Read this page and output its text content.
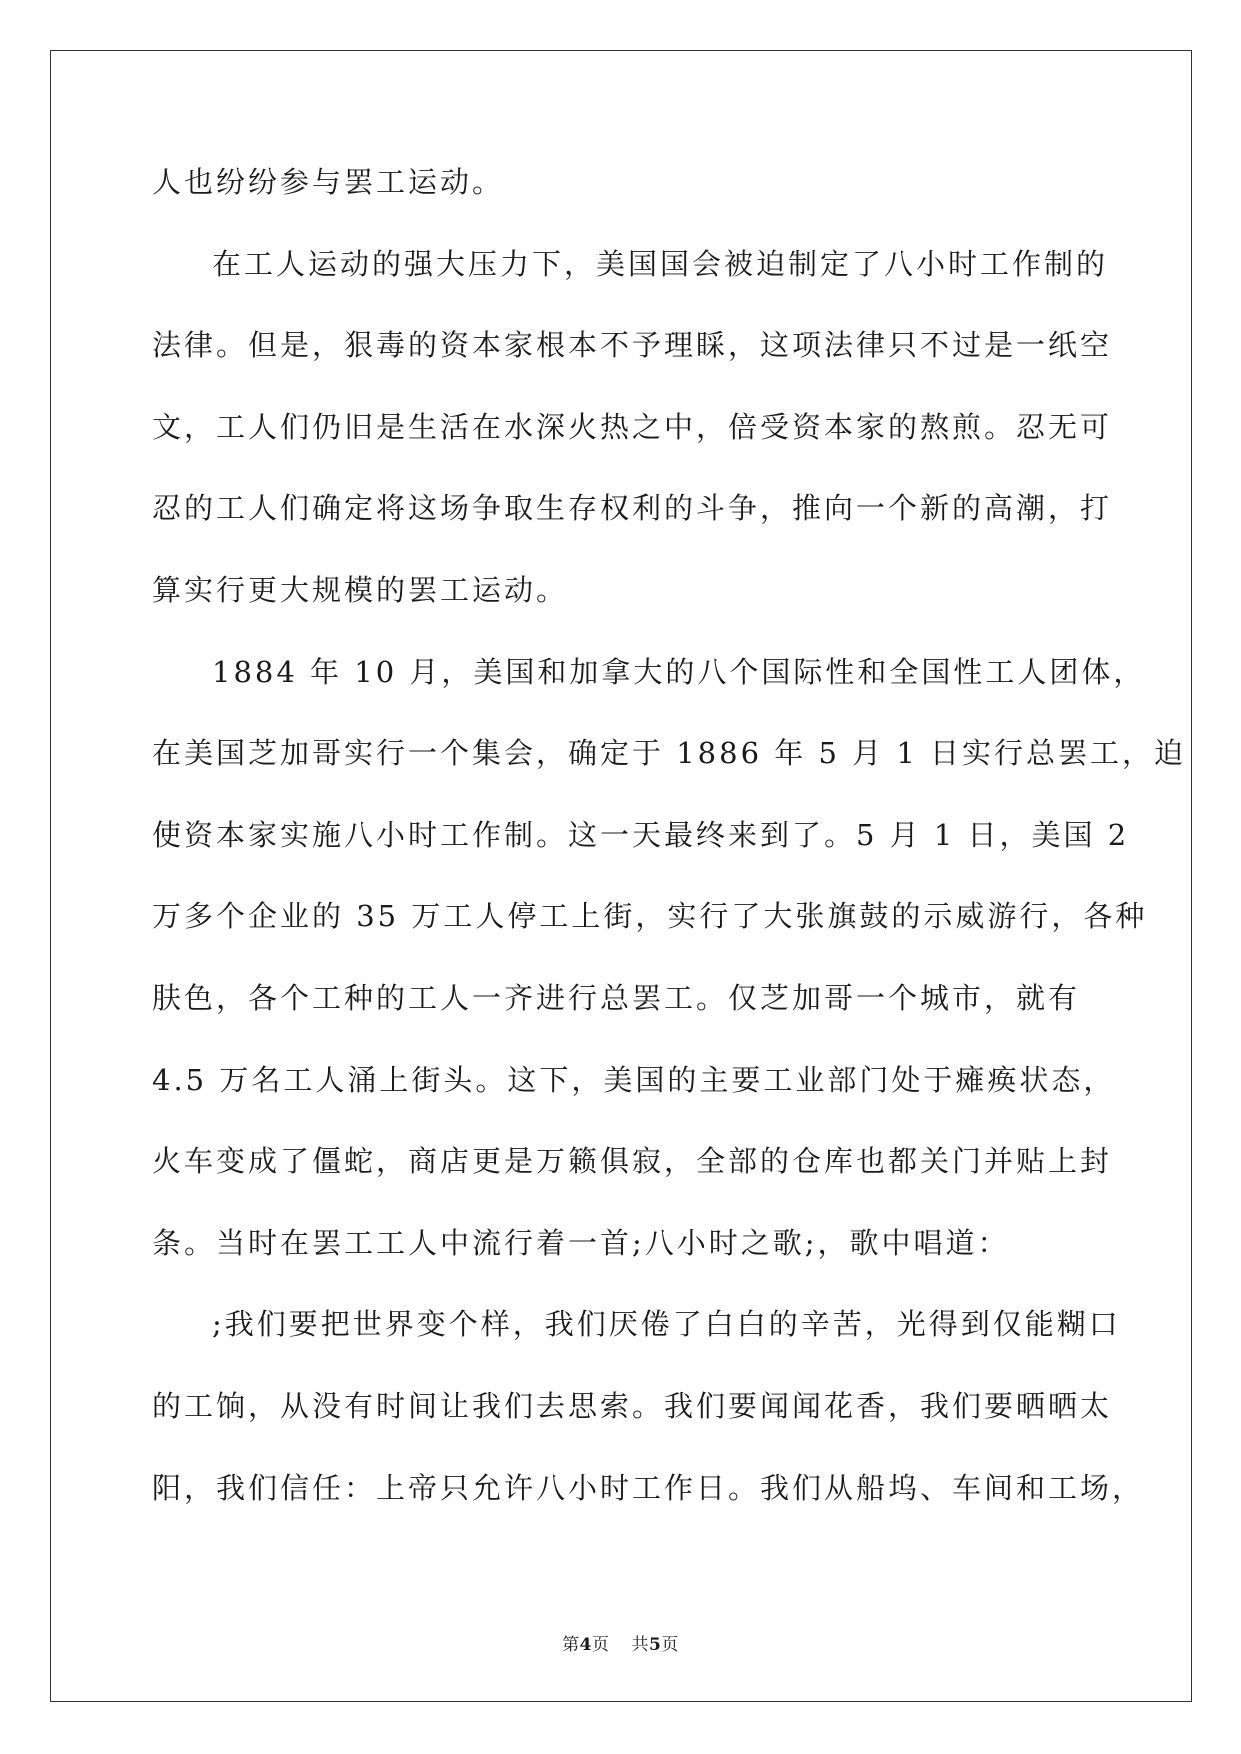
人也纷纷参与罢工运动。
在工人运动的强大压力下，美国国会被迫制定了八小时工作制的
法律。但是，狠毒的资本家根本不予理睬，这项法律只不过是一纸空
文，工人们仍旧是生活在水深火热之中，倍受资本家的熬煎。忍无可
忍的工人们确定将这场争取生存权利的斗争，推向一个新的高潮，打
算实行更大规模的罢工运动。
1884 年 10 月，美国和加拿大的八个国际性和全国性工人团体，
在美国芝加哥实行一个集会，确定于 1886 年 5 月 1 日实行总罢工，迫
使资本家实施八小时工作制。这一天最终来到了。5 月 1 日，美国 2
万多个企业的 35 万工人停工上街，实行了大张旗鼓的示威游行，各种
肤色，各个工种的工人一齐进行总罢工。仅芝加哥一个城市，就有
4.5 万名工人涌上街头。这下，美国的主要工业部门处于瘫痪状态，
火车变成了僵蛇，商店更是万籁俱寂，全部的仓库也都关门并贴上封
条。当时在罢工工人中流行着一首;八小时之歌;，歌中唱道：
;我们要把世界变个样，我们厌倦了白白的辛苦，光得到仅能糊口
的工饷，从没有时间让我们去思索。我们要闻闻花香，我们要晒晒太
阳，我们信任：上帝只允许八小时工作日。我们从船坞、车间和工场，
第4页 共5页
